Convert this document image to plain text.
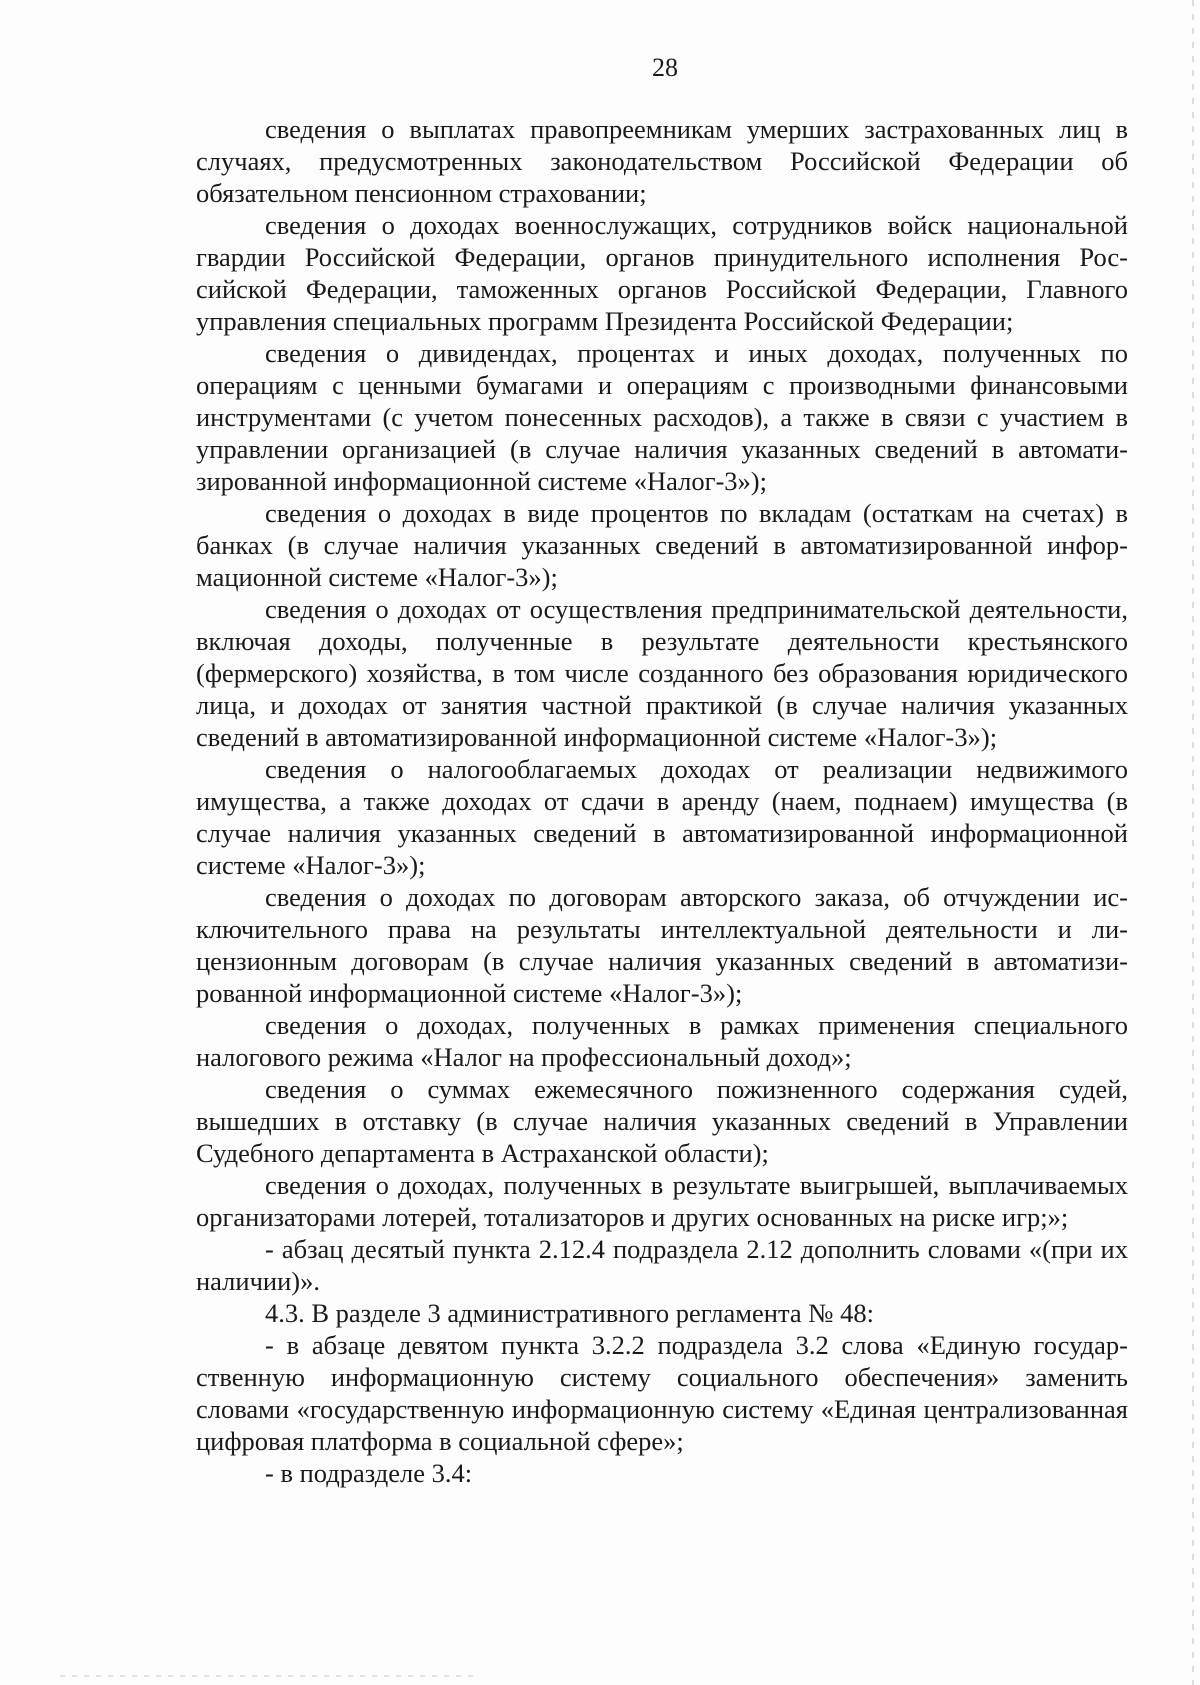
28

сведения о выплатах правопреемникам умерших застрахованных лиц в случаях, предусмотренных законодательством Российской Федерации об обязательном пенсионном страховании;

сведения о доходах военнослужащих, сотрудников войск национальной гвардии Российской Федерации, органов принудительного исполнения Российской Федерации, таможенных органов Российской Федерации, Главного управления специальных программ Президента Российской Федерации;

сведения о дивидендах, процентах и иных доходах, полученных по операциям с ценными бумагами и операциям с производными финансовыми инструментами (с учетом понесенных расходов), а также в связи с участием в управлении организацией (в случае наличия указанных сведений в автоматизированной информационной системе «Налог-3»);

сведения о доходах в виде процентов по вкладам (остаткам на счетах) в банках (в случае наличия указанных сведений в автоматизированной информационной системе «Налог-3»);

сведения о доходах от осуществления предпринимательской деятельности, включая доходы, полученные в результате деятельности крестьянского (фермерского) хозяйства, в том числе созданного без образования юридического лица, и доходах от занятия частной практикой (в случае наличия указанных сведений в автоматизированной информационной системе «Налог-3»);

сведения о налогооблагаемых доходах от реализации недвижимого имущества, а также доходах от сдачи в аренду (наем, поднаем) имущества (в случае наличия указанных сведений в автоматизированной информационной системе «Налог-3»);

сведения о доходах по договорам авторского заказа, об отчуждении исключительного права на результаты интеллектуальной деятельности и лицензионным договорам (в случае наличия указанных сведений в автоматизированной информационной системе «Налог-3»);

сведения о доходах, полученных в рамках применения специального налогового режима «Налог на профессиональный доход»;

сведения о суммах ежемесячного пожизненного содержания судей, вышедших в отставку (в случае наличия указанных сведений в Управлении Судебного департамента в Астраханской области);

сведения о доходах, полученных в результате выигрышей, выплачиваемых организаторами лотерей, тотализаторов и других основанных на риске игр;»;

- абзац десятый пункта 2.12.4 подраздела 2.12 дополнить словами «(при их наличии)».

4.3. В разделе 3 административного регламента № 48:

- в абзаце девятом пункта 3.2.2 подраздела 3.2 слова «Единую государственную информационную систему социального обеспечения» заменить словами «государственную информационную систему «Единая централизованная цифровая платформа в социальной сфере»;

- в подразделе 3.4:
